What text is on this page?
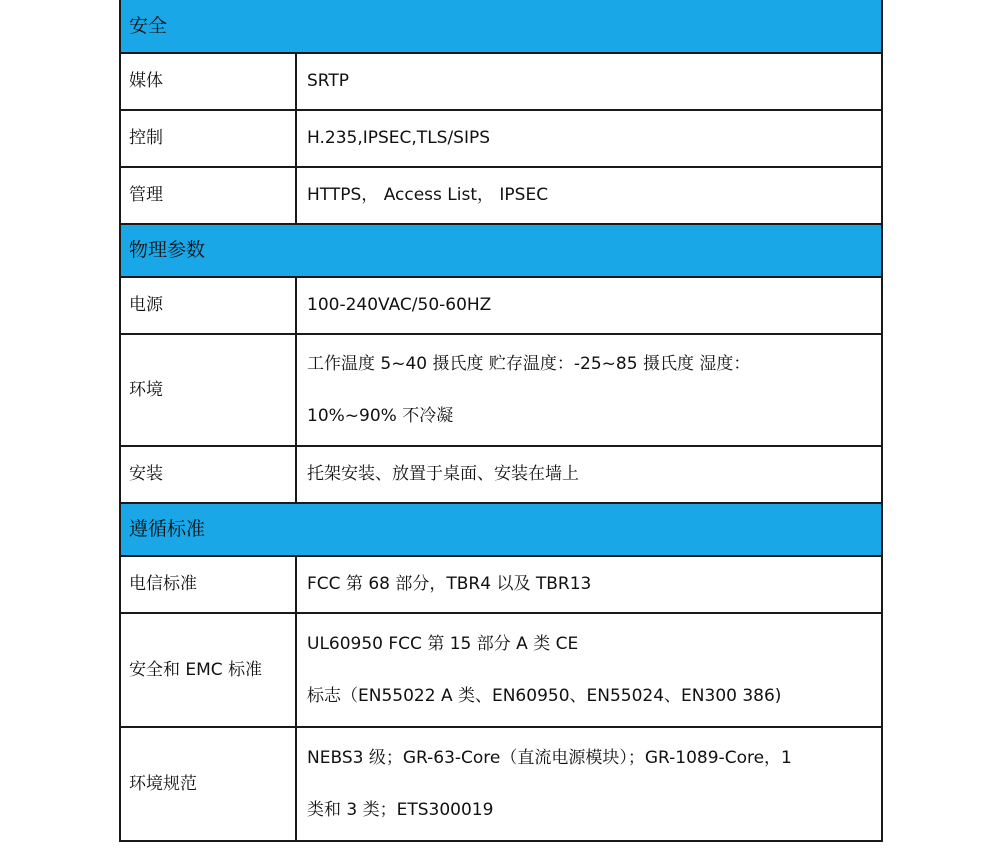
安全	
媒体	SRTP
控制	H.235,IPSEC,TLS/SIPS
管理	HTTPS， Access List， IPSEC
物理参数	
电源	100-240VAC/50-60HZ
环境	工作温度 5~40 摄氏度 贮存温度：-25~85 摄氏度 湿度：
10%~90% 不冷凝

安装	托架安装、放置于桌面、安装在墙上
遵循标准	
电信标准	FCC 第 68 部分，TBR4 以及 TBR13
安全和 EMC 标准	UL60950 FCC 第 15 部分 A 类 CE
标志（EN55022 A 类、EN60950、EN55024、EN300 386)

环境规范	NEBS3 级；GR-63-Core（直流电源模块）；GR-1089-Core，1
类和 3 类；ETS300019
